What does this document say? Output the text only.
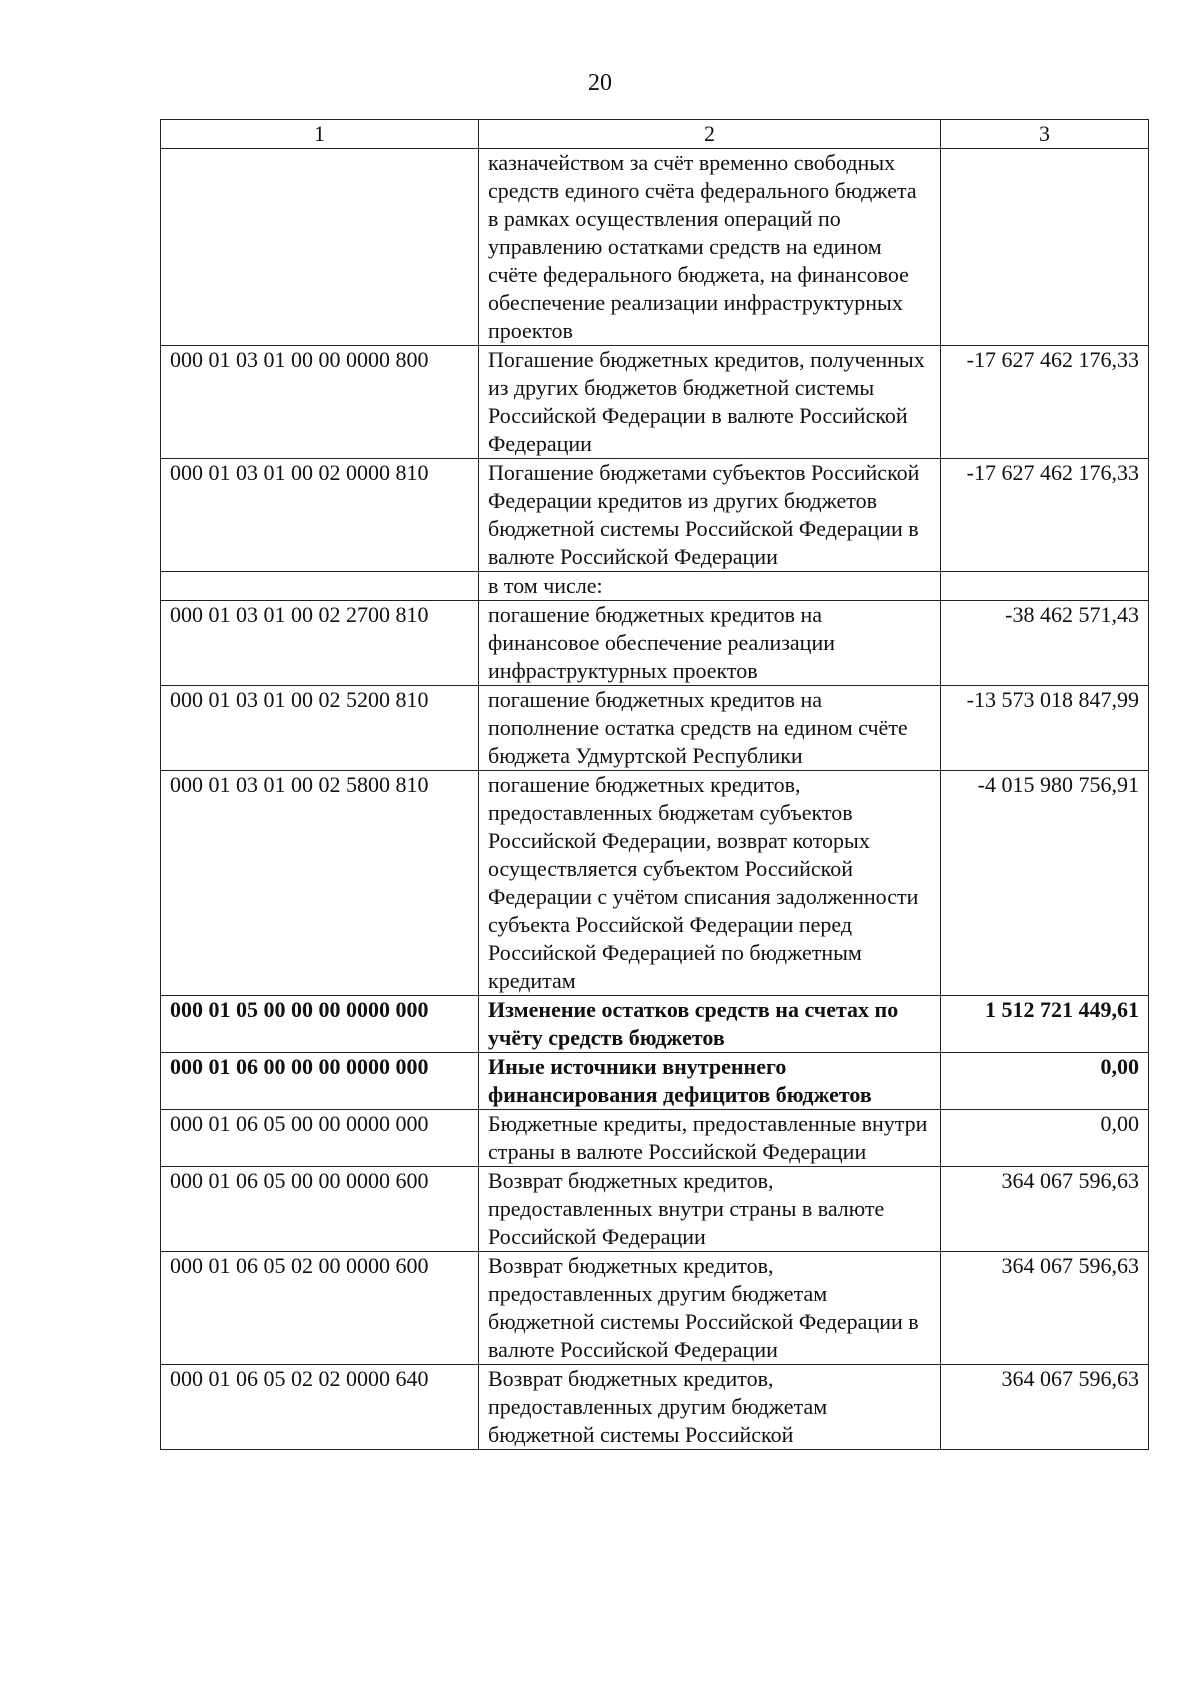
20
1	2	3
	казначейством за счёт временно свободных средств единого счёта федерального бюджета в рамках осуществления операций по управлению остатками средств на едином счёте федерального бюджета, на финансовое обеспечение реализации инфраструктурных проектов	
000 01 03 01 00 00 0000 800	Погашение бюджетных кредитов, полученных из других бюджетов бюджетной системы Российской Федерации в валюте Российской Федерации	-17 627 462 176,33
000 01 03 01 00 02 0000 810	Погашение бюджетами субъектов Российской Федерации кредитов из других бюджетов бюджетной системы Российской Федерации в валюте Российской Федерации	-17 627 462 176,33
	в том числе:	
000 01 03 01 00 02 2700 810	погашение бюджетных кредитов на финансовое обеспечение реализации инфраструктурных проектов	-38 462 571,43
000 01 03 01 00 02 5200 810	погашение бюджетных кредитов на пополнение остатка средств на едином счёте бюджета Удмуртской Республики	-13 573 018 847,99
000 01 03 01 00 02 5800 810	погашение бюджетных кредитов, предоставленных бюджетам субъектов Российской Федерации, возврат которых осуществляется субъектом Российской Федерации с учётом списания задолженности субъекта Российской Федерации перед Российской Федерацией по бюджетным кредитам	-4 015 980 756,91
000 01 05 00 00 00 0000 000	Изменение остатков средств на счетах по учёту средств бюджетов	1 512 721 449,61
000 01 06 00 00 00 0000 000	Иные источники внутреннего финансирования дефицитов бюджетов	0,00
000 01 06 05 00 00 0000 000	Бюджетные кредиты, предоставленные внутри страны в валюте Российской Федерации	0,00
000 01 06 05 00 00 0000 600	Возврат бюджетных кредитов, предоставленных внутри страны в валюте Российской Федерации	364 067 596,63
000 01 06 05 02 00 0000 600	Возврат бюджетных кредитов, предоставленных другим бюджетам бюджетной системы Российской Федерации в валюте Российской Федерации	364 067 596,63
000 01 06 05 02 02 0000 640	Возврат бюджетных кредитов, предоставленных другим бюджетам бюджетной системы Российской	364 067 596,63
